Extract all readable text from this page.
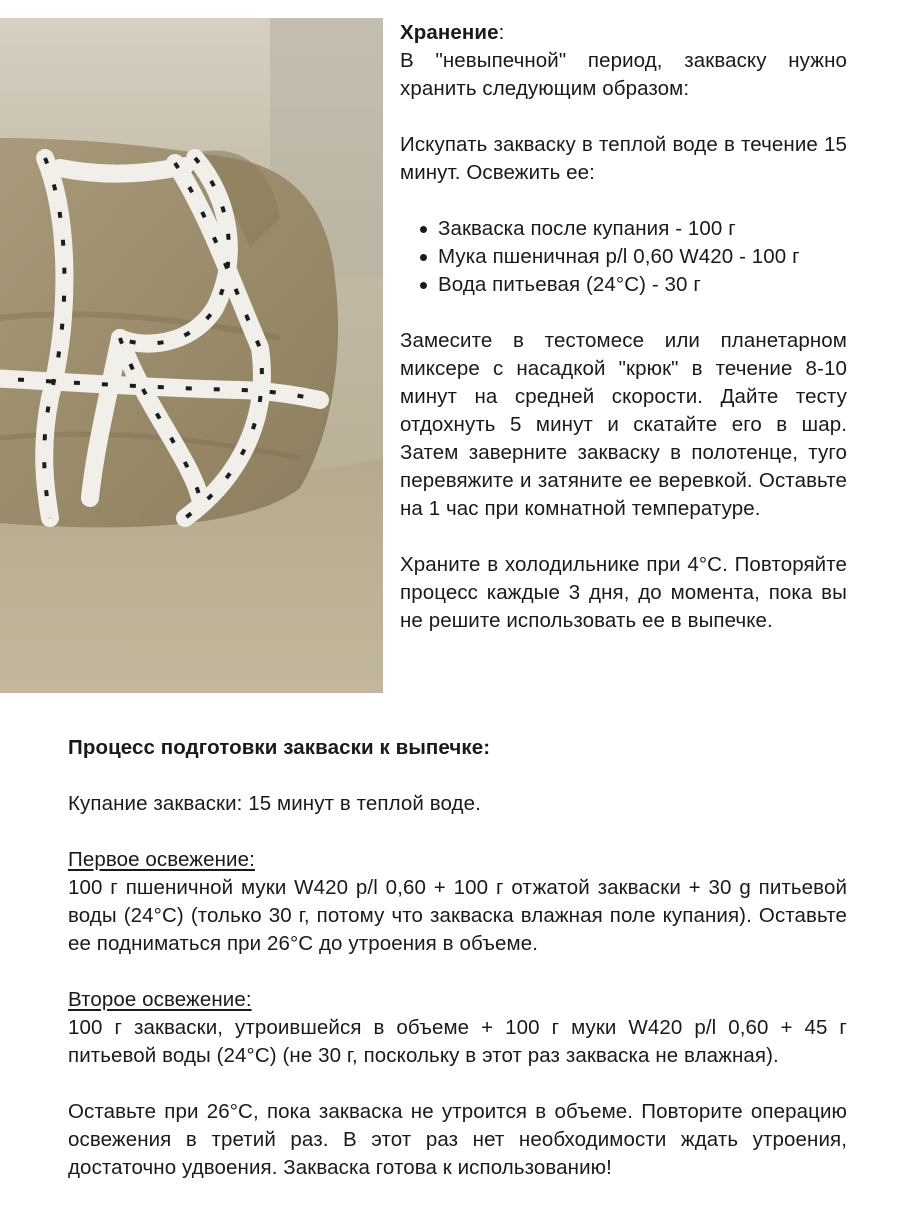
Хранение:

В "невыпечной" период, закваску нужно хранить следующим образом:

Искупать закваску в теплой воде в течение 15 минут. Освежить ее:

Закваска после купания - 100 г
Мука пшеничная p/l 0,60 W420 - 100 г
Вода питьевая (24°C) - 30 г

Замесите в тестомесе или планетарном миксере с насадкой "крюк" в течение 8-10 минут на средней скорости. Дайте тесту отдохнуть 5 минут и скатайте его в шар. Затем заверните закваску в полотенце, туго перевяжите и затяните ее веревкой. Оставьте на 1 час при комнатной температуре.

Храните в холодильнике при 4°C. Повторяйте процесс каждые 3 дня, до момента, пока вы не решите использовать ее в выпечке.

Процесс подготовки закваски к выпечке:

Купание закваски: 15 минут в теплой воде.

Первое освежение:

100 г пшеничной муки W420 p/l 0,60 + 100 г отжатой закваски + 30 g питьевой воды (24°C) (только 30 г, потому что закваска влажная поле купания). Оставьте ее подниматься при 26°C до утроения в объеме.

Второе освежение:

100 г закваски, утроившейся в объеме + 100 г муки W420 p/l 0,60 + 45 г питьевой воды (24°C) (не 30 г, поскольку в этот раз закваска не влажная).

Оставьте при 26°C, пока закваска не утроится в объеме. Повторите операцию освежения в третий раз. В этот раз нет необходимости ждать утроения, достаточно удвоения. Закваска готова к использованию!
